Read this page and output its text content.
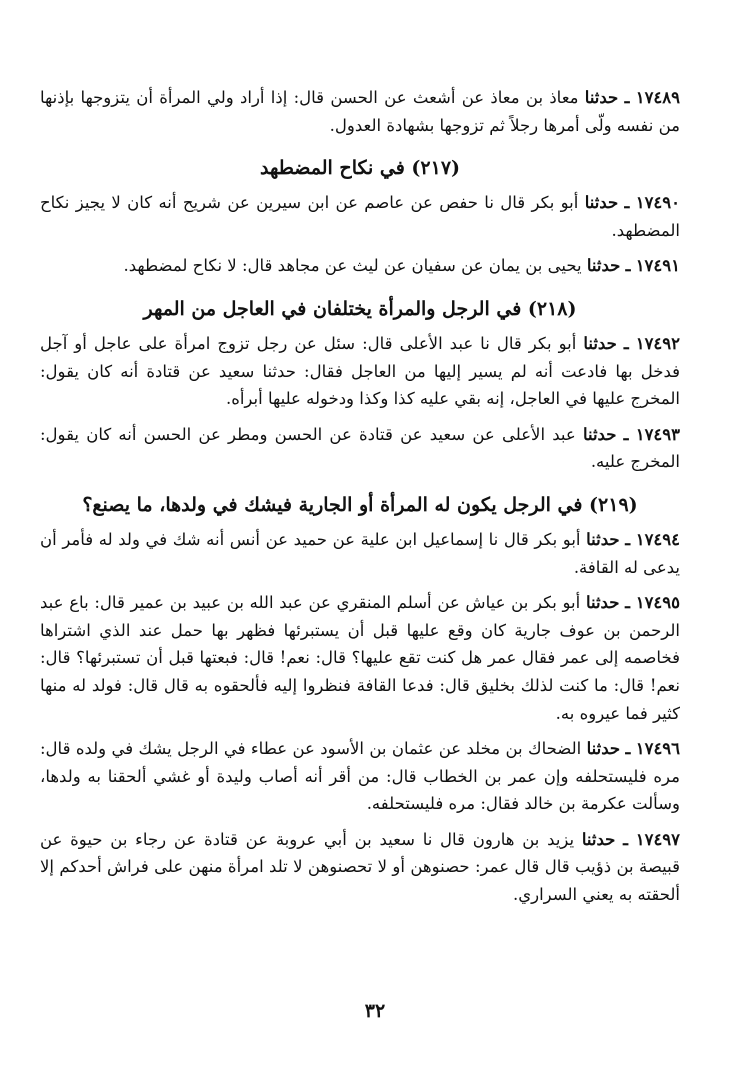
١٧٤٨٩ ـ حدثنا معاذ بن معاذ عن أشعث عن الحسن قال: إذا أراد ولي المرأة أن يتزوجها بإذنها من نفسه ولّى أمرها رجلاً ثم تزوجها بشهادة العدول.

(٢١٧) في نكاح المضطهد

١٧٤٩٠ ـ حدثنا أبو بكر قال نا حفص عن عاصم عن ابن سيرين عن شريح أنه كان لا يجيز نكاح المضطهد.

١٧٤٩١ ـ حدثنا يحيى بن يمان عن سفيان عن ليث عن مجاهد قال: لا نكاح لمضطهد.

(٢١٨) في الرجل والمرأة يختلفان في العاجل من المهر

١٧٤٩٢ ـ حدثنا أبو بكر قال نا عبد الأعلى قال: سئل عن رجل تزوج امرأة على عاجل أو آجل فدخل بها فادعت أنه لم يسير إليها من العاجل فقال: حدثنا سعيد عن قتادة أنه كان يقول: المخرج عليها في العاجل، إنه بقي عليه كذا وكذا ودخوله عليها أبرأه.

١٧٤٩٣ ـ حدثنا عبد الأعلى عن سعيد عن قتادة عن الحسن ومطر عن الحسن أنه كان يقول: المخرج عليه.

(٢١٩) في الرجل يكون له المرأة أو الجارية فيشك في ولدها، ما يصنع؟

١٧٤٩٤ ـ حدثنا أبو بكر قال نا إسماعيل ابن علية عن حميد عن أنس أنه شك في ولد له فأمر أن يدعى له القافة.

١٧٤٩٥ ـ حدثنا أبو بكر بن عياش عن أسلم المنقري عن عبد الله بن عبيد بن عمير قال: باع عبد الرحمن بن عوف جارية كان وقع عليها قبل أن يستبرئها فظهر بها حمل عند الذي اشتراها فخاصمه إلى عمر فقال عمر هل كنت تقع عليها؟ قال: نعم! قال: فبعتها قبل أن تستبرئها؟ قال: نعم! قال: ما كنت لذلك بخليق قال: فدعا القافة فنظروا إليه فألحقوه به قال قال: فولد له منها كثير فما عيروه به.

١٧٤٩٦ ـ حدثنا الضحاك بن مخلد عن عثمان بن الأسود عن عطاء في الرجل يشك في ولده قال: مره فليستحلفه وإن عمر بن الخطاب قال: من أقر أنه أصاب وليدة أو غشي ألحقنا به ولدها، وسألت عكرمة بن خالد فقال: مره فليستحلفه.

١٧٤٩٧ ـ حدثنا يزيد بن هارون قال نا سعيد بن أبي عروبة عن قتادة عن رجاء بن حيوة عن قبيصة بن ذؤيب قال قال عمر: حصنوهن أو لا تحصنوهن لا تلد امرأة منهن على فراش أحدكم إلا ألحقته به يعني السراري.

٣٢
